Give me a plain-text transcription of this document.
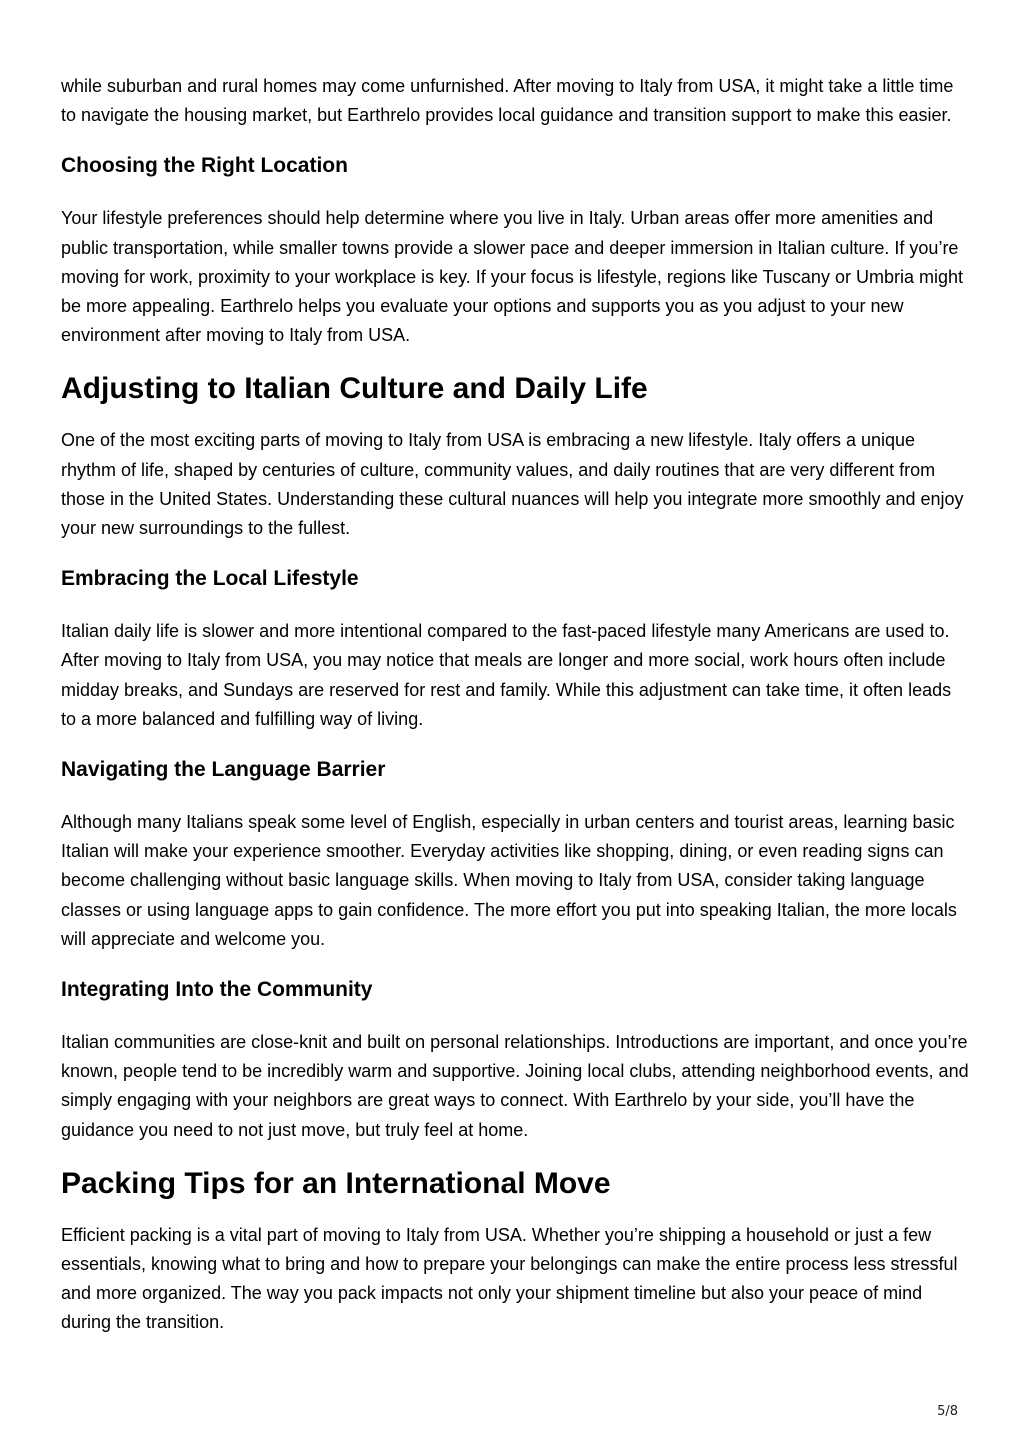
while suburban and rural homes may come unfurnished. After moving to Italy from USA, it might take a little time to navigate the housing market, but Earthrelo provides local guidance and transition support to make this easier.

Choosing the Right Location

Your lifestyle preferences should help determine where you live in Italy. Urban areas offer more amenities and public transportation, while smaller towns provide a slower pace and deeper immersion in Italian culture. If you’re moving for work, proximity to your workplace is key. If your focus is lifestyle, regions like Tuscany or Umbria might be more appealing. Earthrelo helps you evaluate your options and supports you as you adjust to your new environment after moving to Italy from USA.

Adjusting to Italian Culture and Daily Life

One of the most exciting parts of moving to Italy from USA is embracing a new lifestyle. Italy offers a unique rhythm of life, shaped by centuries of culture, community values, and daily routines that are very different from those in the United States. Understanding these cultural nuances will help you integrate more smoothly and enjoy your new surroundings to the fullest.

Embracing the Local Lifestyle

Italian daily life is slower and more intentional compared to the fast-paced lifestyle many Americans are used to. After moving to Italy from USA, you may notice that meals are longer and more social, work hours often include midday breaks, and Sundays are reserved for rest and family. While this adjustment can take time, it often leads to a more balanced and fulfilling way of living.

Navigating the Language Barrier

Although many Italians speak some level of English, especially in urban centers and tourist areas, learning basic Italian will make your experience smoother. Everyday activities like shopping, dining, or even reading signs can become challenging without basic language skills. When moving to Italy from USA, consider taking language classes or using language apps to gain confidence. The more effort you put into speaking Italian, the more locals will appreciate and welcome you.

Integrating Into the Community

Italian communities are close-knit and built on personal relationships. Introductions are important, and once you’re known, people tend to be incredibly warm and supportive. Joining local clubs, attending neighborhood events, and simply engaging with your neighbors are great ways to connect. With Earthrelo by your side, you’ll have the guidance you need to not just move, but truly feel at home.

Packing Tips for an International Move

Efficient packing is a vital part of moving to Italy from USA. Whether you’re shipping a household or just a few essentials, knowing what to bring and how to prepare your belongings can make the entire process less stressful and more organized. The way you pack impacts not only your shipment timeline but also your peace of mind during the transition.

5/8
